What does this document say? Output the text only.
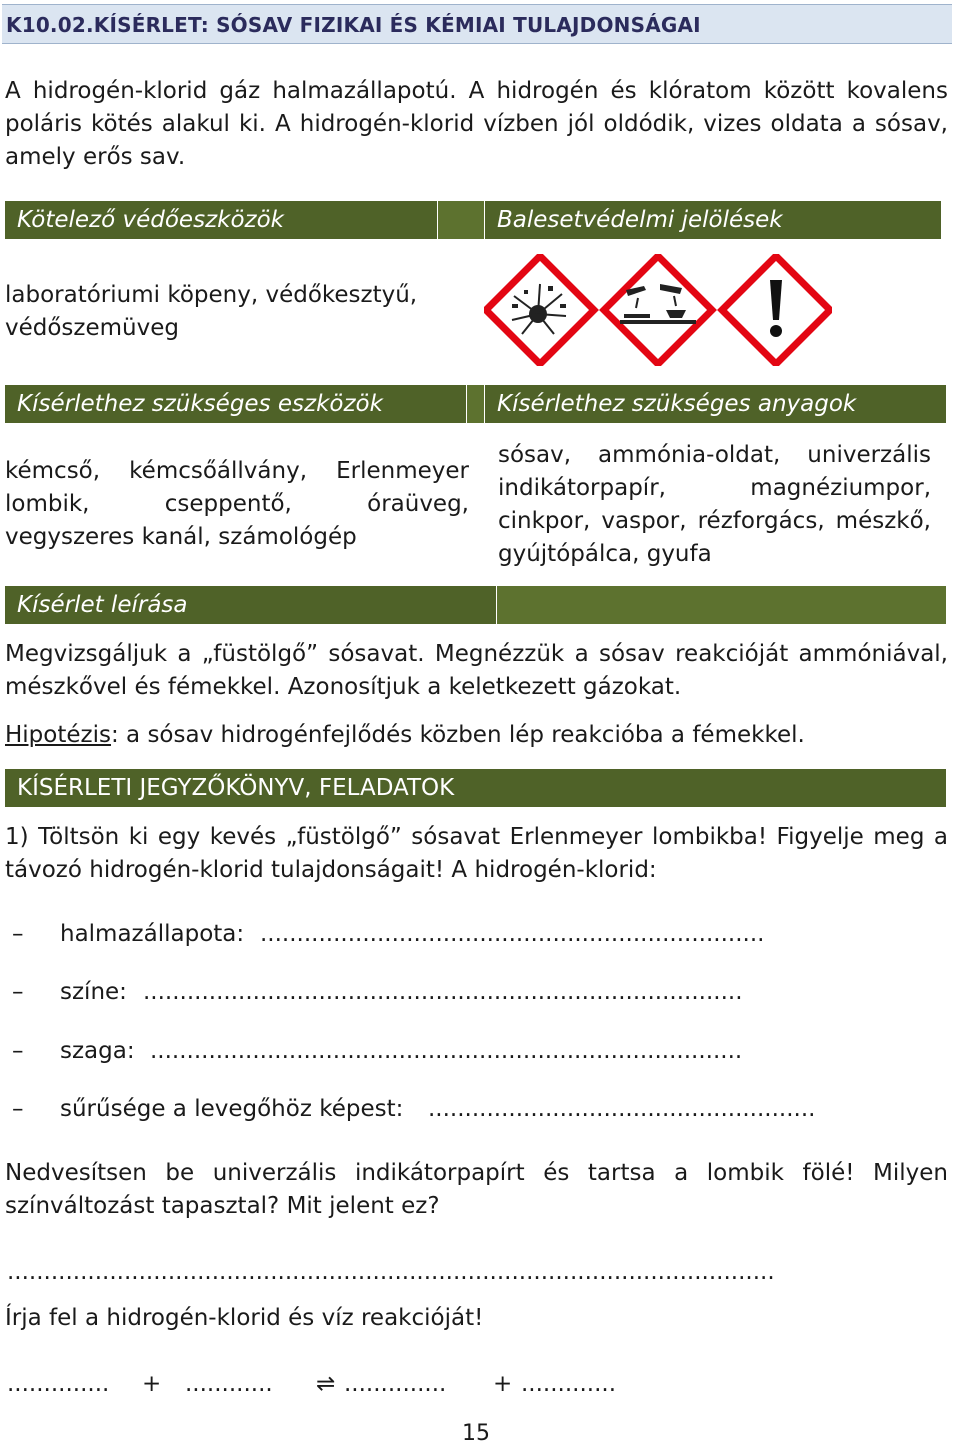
K10.02.KÍSÉRLET: SÓSAV FIZIKAI ÉS KÉMIAI TULAJDONSÁGAI
A hidrogén-klorid gáz halmazállapotú. A hidrogén és klóratom között kovalens poláris kötés alakul ki. A hidrogén-klorid vízben jól oldódik, vizes oldata a sósav, amely erős sav.
Kötelező védőeszközök	Balesetvédelmi jelölések
laboratóriumi köpeny, védőkesztyű, védőszemüveg
Kísérlethez szükséges eszközök	Kísérlethez szükséges anyagok
kémcső, kémcsőállvány, Erlenmeyer lombik, cseppentő, óraüveg, vegyszeres kanál, számológép
sósav, ammónia-oldat, univerzális indikátorpapír, magnéziumpor, cinkpor, vaspor, rézforgács, mészkő, gyújtópálca, gyufa
Kísérlet leírása
Megvizsgáljuk a „füstölgő” sósavat. Megnézzük a sósav reakcióját ammóniával, mészkővel és fémekkel. Azonosítjuk a keletkezett gázokat.
Hipotézis: a sósav hidrogénfejlődés közben lép reakcióba a fémekkel.
KÍSÉRLETI JEGYZŐKÖNYV, FELADATOK
1) Töltsön ki egy kevés „füstölgő” sósavat Erlenmeyer lombikba! Figyelje meg a távozó hidrogén-klorid tulajdonságait! A hidrogén-klorid:
– halmazállapota: .....................................................................
– színe: ..................................................................................
– szaga: .................................................................................
– sűrűsége a levegőhöz képest: .....................................................
Nedvesítsen be univerzális indikátorpapírt és tartsa a lombik fölé! Milyen színváltozást tapasztal? Mit jelent ez?
.........................................................................................................
Írja fel a hidrogén-klorid és víz reakcióját!
.............. + ............ ⇌ .............. + .............
15
